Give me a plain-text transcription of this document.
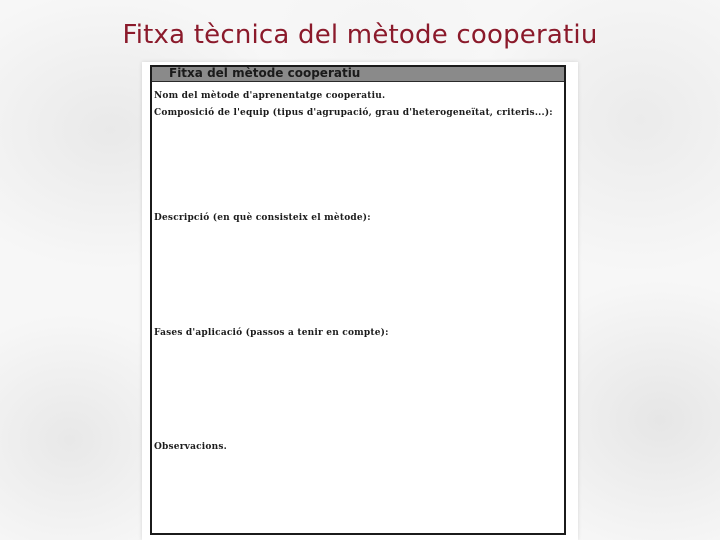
Fitxa tècnica del mètode cooperatiu
Fitxa del mètode cooperatiu
Nom del mètode d'aprenentatge cooperatiu.
Composició de l'equip (tipus d'agrupació, grau d'heterogeneïtat, criteris...):
Descripció (en què consisteix el mètode):
Fases d'aplicació (passos a tenir en compte):
Observacions.
